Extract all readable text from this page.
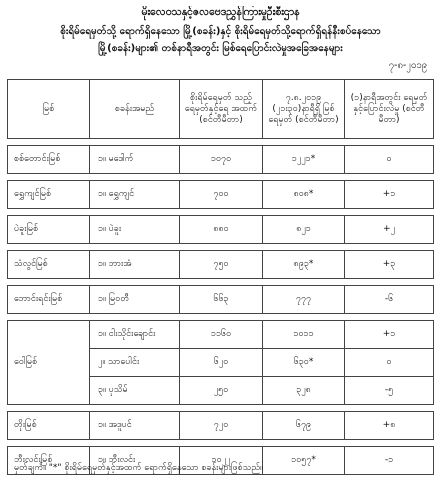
မိုးလေဝသနှင့်ဇလဗေဒညွှန်ကြားမှုဦးစီးဌာန
စိုးရိမ်ရေမှတ်သို့ ရောက်ရှိနေသော မြို့(စခန်း)နှင့် စိုးရိမ်ရေမှတ်သို့ရောက်ရှိရန်နီးစပ်နေသော
မြို့(စခန်း)များ၏ တစ်နာရီအတွင်း မြစ်ရေပြောင်းလဲမှုအခြေအနေများ
၇-၈-၂၀၁၉
မြစ်	စခန်းအမည်	စိုးရိမ်ရေမှတ် သည့်ရေမှတ်နှင့်ရေ အထက် (စင်တီမီတာ)	၇.၈.၂၀၁၉ (၂၁း၃၀)နာရီရှိ မြစ်ရေမှတ် (စင်တီမီတာ)	(၁)နာရီအတွင်း ရေမှတ်နှင့်ပြောင်းလဲမှု (စင်တီမီတာ)

စစ်တောင်းမြစ်	၁။ မဒေါက်	၁၀၇၀	၁၂၂၁*	၀

ရွှေကျင်မြစ်	၁။ ရွှေကျင်	၇၀၀	၈၀၈*	+၁

ပဲခူးမြစ်	၁။ ပဲခူး	၈၈၀	၈၂၁	+၂

သံလွင်မြစ်	၁။ ဘားအံ	၇၅၀	၈၉၃*	+၃

ဘောင်းရင်းမြစ်	၁။ မြဝတီ	၆၆၃	၇၇၇	-၆

ဝေါမြစ်	၁။ ငါးသိုင်းချောင်း	၁၁၆၀	၁၀၁၁	+၁
	၂။ သာပေါင်း	၆၂၀	၆၃၀*	၀
	၃။ ပုသိမ်	၂၅၀	၃၂၈	-၅

တိုးမြစ်	၁။ အဒူပင်	၇၂၀	၆၇၉	+၈

ဘီးလင်းမြစ်	၁။ ဘီးလင်း	၁၀၂၂	၁၀၅၇*	-၁
မှတ်ချက်။ "*" စိုးရိမ်ရေမှတ်နှင့်အထက် ရောက်ရှိနေသော စခန်းများဖြစ်သည်။
